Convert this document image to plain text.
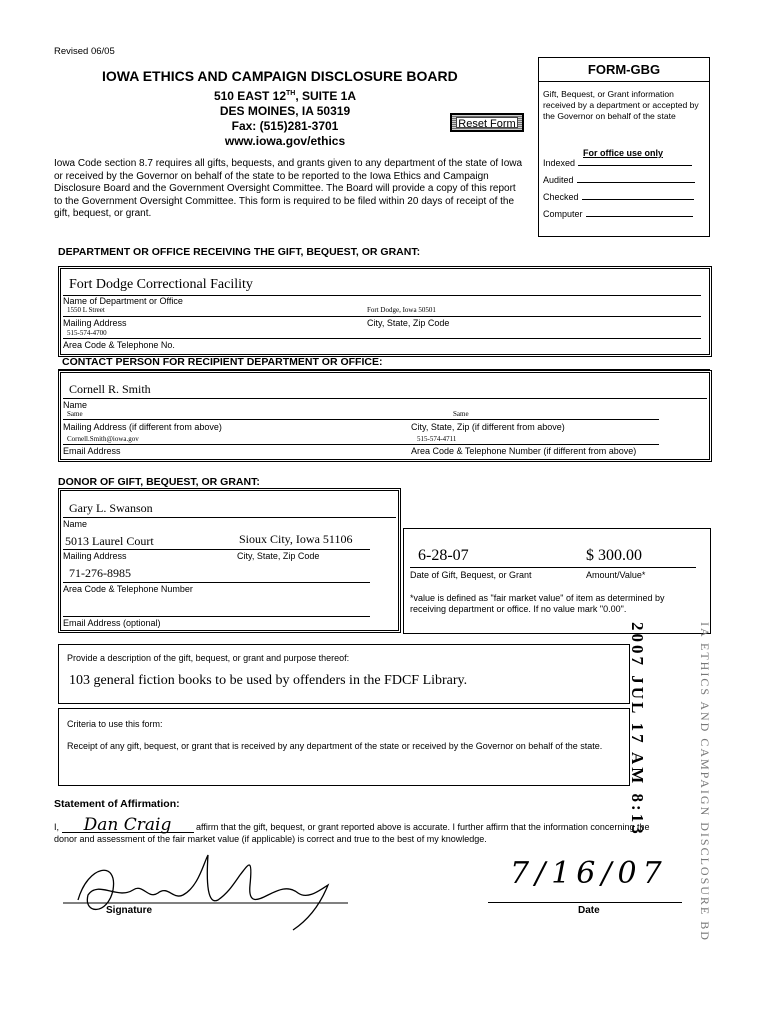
Revised 06/05
IOWA ETHICS AND CAMPAIGN DISCLOSURE BOARD
510 EAST 12TH, SUITE 1A
DES MOINES, IA 50319
Fax: (515)281-3701
www.iowa.gov/ethics
Reset Form
Iowa Code section 8.7 requires all gifts, bequests, and grants given to any department of the state of Iowa or received by the Governor on behalf of the state to be reported to the Iowa Ethics and Campaign Disclosure Board and the Government Oversight Committee. The Board will provide a copy of this report to the Government Oversight Committee. This form is required to be filed within 20 days of receipt of the gift, bequest, or grant.
FORM-GBG
Gift, Bequest, or Grant information received by a department or accepted by the Governor on behalf of the state
For office use only
Indexed
Audited
Checked
Computer
DEPARTMENT OR OFFICE RECEIVING THE GIFT, BEQUEST, OR GRANT:
Fort Dodge Correctional Facility
Name of Department or Office
1550 L Street	Fort Dodge, Iowa 50501
Mailing Address	City, State, Zip Code
515-574-4700
Area Code & Telephone No.
CONTACT PERSON FOR RECIPIENT DEPARTMENT OR OFFICE:
Cornell R. Smith
Name
Same	Same
Mailing Address (if different from above)	City, State, Zip (if different from above)
Cornell.Smith@iowa.gov	515-574-4711
Email Address	Area Code & Telephone Number (if different from above)
DONOR OF GIFT, BEQUEST, OR GRANT:
Gary L. Swanson
Name
5013 Laurel Court	Sioux City, Iowa 51106
Mailing Address	City, State, Zip Code
71-276-8985
Area Code & Telephone Number
Email Address (optional)
6-28-07	$ 300.00
Date of Gift, Bequest, or Grant	Amount/Value*
*value is defined as "fair market value" of item as determined by receiving department or office. If no value mark "0.00".
Provide a description of the gift, bequest, or grant and purpose thereof:
103 general fiction books to be used by offenders in the FDCF Library.
Criteria to use this form:
Receipt of any gift, bequest, or grant that is received by any department of the state or received by the Governor on behalf of the state. 2007 JUL 17 AM 8:13	IA ETHICS AND CAMPAIGN DISCLOSURE BD
Statement of Affirmation:
I, Dan Craig	affirm that the gift, bequest, or grant reported above is accurate. I further affirm that the information concerning the
donor and assessment of the fair market value (if applicable) is correct and true to the best of my knowledge.
Signature
7/16/07
Date
